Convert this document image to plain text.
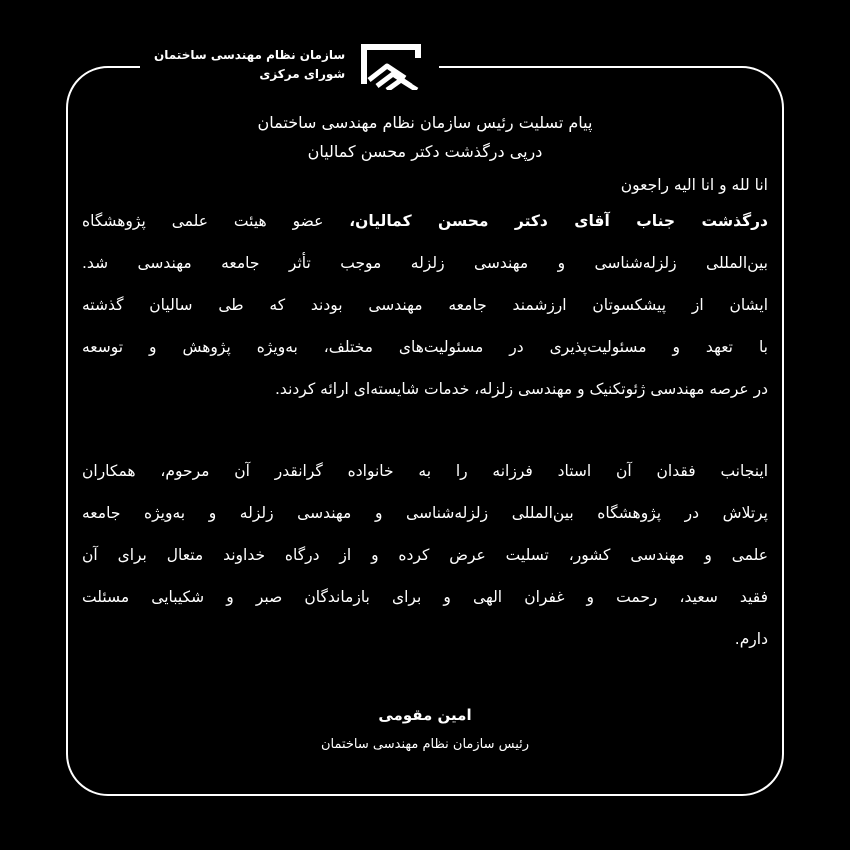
سازمان نظام مهندسی ساختمان
شورای مرکزی
پیام تسلیت رئیس سازمان نظام مهندسی ساختمان
درپی درگذشت دکتر محسن کمالیان
انا لله و انا الیه راجعون

درگذشت جناب آقای دکتر محسن کمالیان، عضو هیئت علمی پژوهشگاه
بین‌المللی زلزله‌شناسی و مهندسی زلزله موجب تأثر جامعه مهندسی شد.
ایشان از پیشکسوتان ارزشمند جامعه مهندسی بودند که طی سالیان گذشته
با تعهد و مسئولیت‌پذیری در مسئولیت‌های مختلف، به‌ویژه پژوهش و توسعه
در عرصه مهندسی ژئوتکنیک و مهندسی زلزله، خدمات شایسته‌ای ارائه کردند.

اینجانب فقدان آن استاد فرزانه را به خانواده گرانقدر آن مرحوم، همکاران
پرتلاش در پژوهشگاه بین‌المللی زلزله‌شناسی و مهندسی زلزله و به‌ویژه جامعه
علمی و مهندسی کشور، تسلیت عرض کرده و از درگاه خداوند متعال برای آن
فقید سعید، رحمت و غفران الهی و برای بازماندگان صبر و شکیبایی مسئلت
دارم.

امین مقومی
رئیس سازمان نظام مهندسی ساختمان
